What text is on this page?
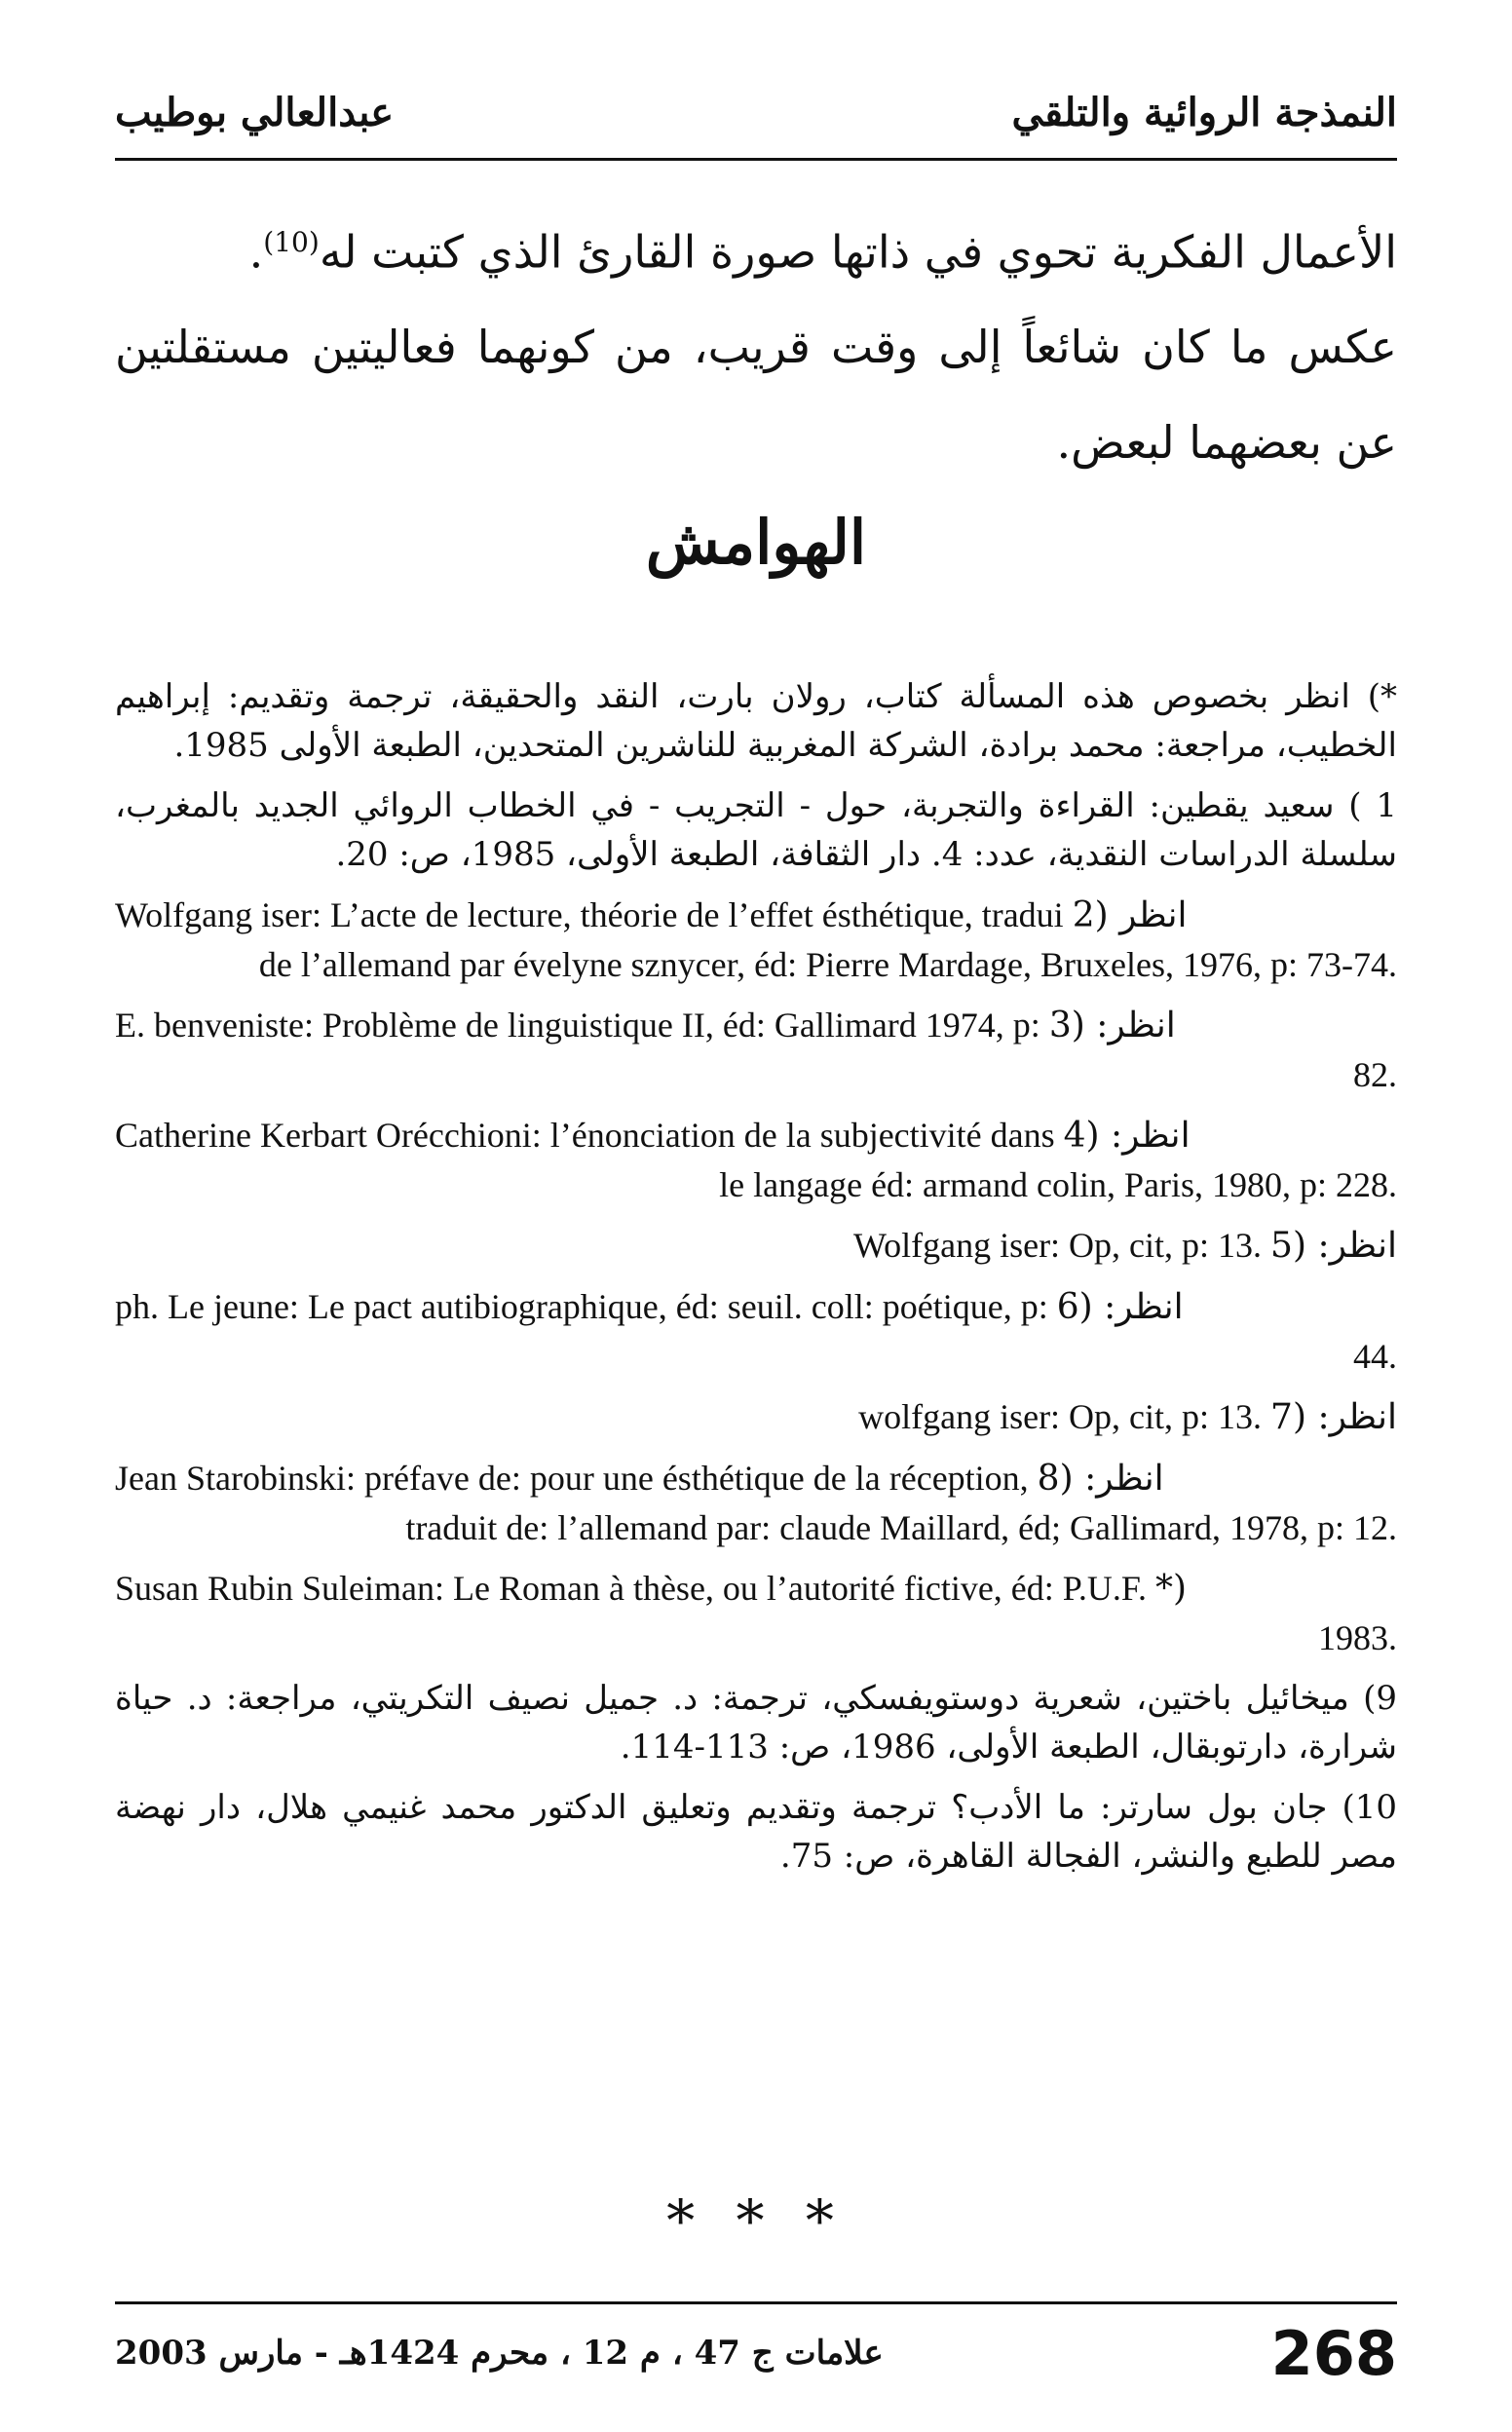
عبدالعالي بوطيب	النمذجة الروائية والتلقي

الأعمال الفكرية تحوي في ذاتها صورة القارئ الذي كتبت له$^{(10)}$.

عكس ما كان شائعاً إلى وقت قريب، من كونهما فعاليتين مستقلتين عن بعضهما لبعض.

الهوامش
*) انظر بخصوص هذه المسألة كتاب، رولان بارت، النقد والحقيقة، ترجمة وتقديم: إبراهيم الخطيب، مراجعة: محمد برادة، الشركة المغربية للناشرين المتحدين، الطبعة الأولى 1985.
1 ) سعيد يقطين: القراءة والتجربة، حول - التجريب - في الخطاب الروائي الجديد بالمغرب، سلسلة الدراسات النقدية، عدد: 4. دار الثقافة، الطبعة الأولى، 1985، ص: 20.
Wolfgang iser: L’acte de lecture, théorie de l’effet ésthétique, tradui انظر (2
de l’allemand par évelyne sznycer, éd: Pierre Mardage, Bruxeles, 1976, p: 73-74.
E. benveniste: Problème de linguistique II, éd: Gallimard 1974, p: انظر: (3
82.
Catherine Kerbart Orécchioni: l’énonciation de la subjectivité dans انظر: (4
le langage éd: armand colin, Paris, 1980, p: 228.
Wolfgang iser: Op, cit, p: 13. انظر: (5
ph. Le jeune: Le pact autibiographique, éd: seuil. coll: poétique, p: انظر: (6
44.
wolfgang iser: Op, cit, p: 13. انظر: (7
Jean Starobinski: préfave de: pour une ésthétique de la réception, انظر: (8
traduit de: l’allemand par: claude Maillard, éd; Gallimard, 1978, p: 12.
Susan Rubin Suleiman: Le Roman à thèse, ou l’autorité fictive, éd: P.U.F. (*
1983.
9) ميخائيل باختين، شعرية دوستويفسكي، ترجمة: د. جميل نصيف التكريتي، مراجعة: د. حياة شرارة، دارتوبقال، الطبعة الأولى، 1986، ص: 113-114.
10) جان بول سارتر: ما الأدب؟ ترجمة وتقديم وتعليق الدكتور محمد غنيمي هلال، دار نهضة مصر للطبع والنشر، الفجالة القاهرة، ص: 75.
* * *
علامات ج 47 ، م 12 ، محرم 1424هـ - مارس 2003	268
